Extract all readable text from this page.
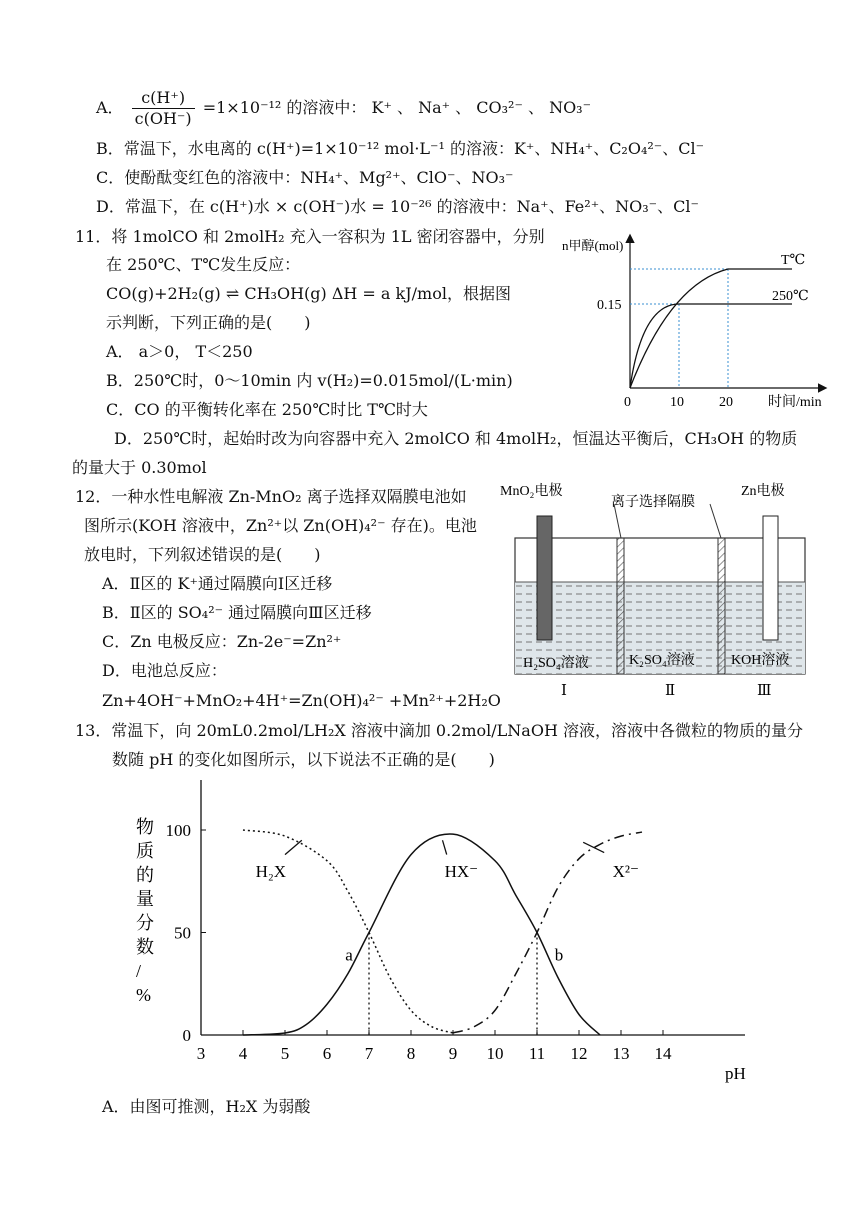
A． $\frac{c(H^+)}{c(OH^-)} =1\times 10^{-12}$ 的溶液中： K⁺ 、 Na⁺ 、 CO₃²⁻ 、 NO₃⁻
B．常温下，水电离的 c(H⁺)=1×10⁻¹² mol·L⁻¹ 的溶液：K⁺、NH₄⁺、C₂O₄²⁻、Cl⁻
C．使酚酞变红色的溶液中：NH₄⁺、Mg²⁺、ClO⁻、NO₃⁻
D．常温下，在 c(H⁺)水 × c(OH⁻)水 = 10⁻²⁶ 的溶液中：Na⁺、Fe²⁺、NO₃⁻、Cl⁻
11．将 1molCO 和 2molH₂ 充入一容积为 1L 密闭容器中，分别
在 250℃、T℃发生反应：
CO(g)+2H₂(g) ⇌ CH₃OH(g) ΔH = a kJ/mol，根据图
示判断，下列正确的是(　　)
A． a＞0， T＜250
B．250℃时，0～10min 内 v(H₂)=0.015mol/(L·min)
C．CO 的平衡转化率在 250℃时比 T℃时大
D．250℃时，起始时改为向容器中充入 2molCO 和 4molH₂，恒温达平衡后，CH₃OH 的物质
的量大于 0.30mol
n甲醇(mol)
T℃
250℃
0.15
0	10	20	时间/min
12．一种水性电解液 Zn-MnO₂ 离子选择双隔膜电池如
图所示(KOH 溶液中，Zn²⁺以 Zn(OH)₄²⁻ 存在)。电池
放电时，下列叙述错误的是(　　)
A．Ⅱ区的 K⁺通过隔膜向Ⅰ区迁移
B．Ⅱ区的 SO₄²⁻ 通过隔膜向Ⅲ区迁移
C．Zn 电极反应：Zn-2e⁻=Zn²⁺
D．电池总反应：
Zn+4OH⁻+MnO₂+4H⁺=Zn(OH)₄²⁻ +Mn²⁺+2H₂O
MnO₂电极
离子选择隔膜
Zn电极
H₂SO₄溶液	K₂SO₄溶液	KOH溶液
Ⅰ	Ⅱ	Ⅲ
13．常温下，向 20mL0.2mol/LH₂X 溶液中滴加 0.2mol/LNaOH 溶液，溶液中各微粒的物质的量分
数随 pH 的变化如图所示，以下说法不正确的是(　　)
3 4 5 6 7 8 9 10 11 12 13 14
0
50
100
物质的量分数/ %
pH
H₂X	HX⁻	X²⁻
a	b
A．由图可推测，H₂X 为弱酸
